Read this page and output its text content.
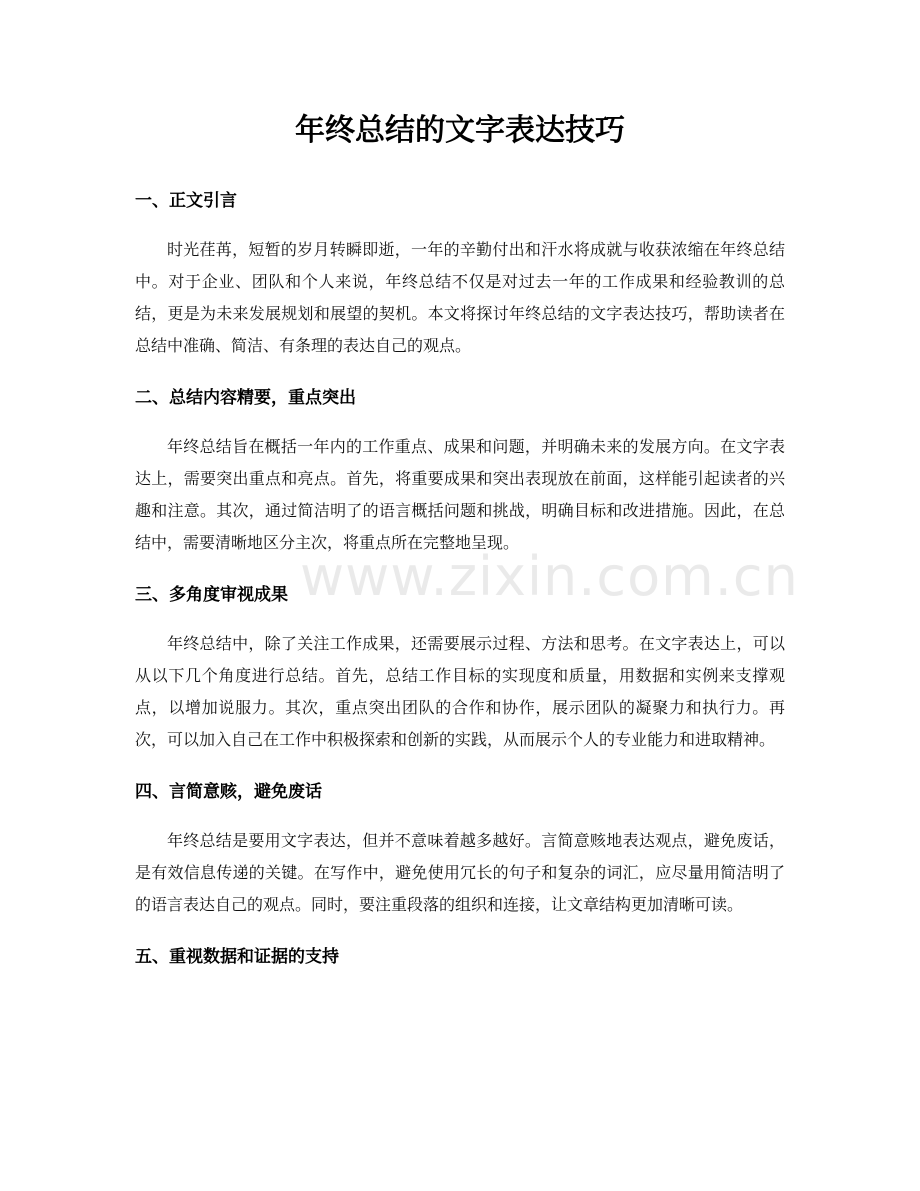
www.zixin.com.cn
年终总结的文字表达技巧
一、正文引言

时光荏苒，短暂的岁月转瞬即逝，一年的辛勤付出和汗水将成就与收获浓缩在年终总结中。对于企业、团队和个人来说，年终总结不仅是对过去一年的工作成果和经验教训的总结，更是为未来发展规划和展望的契机。本文将探讨年终总结的文字表达技巧，帮助读者在总结中准确、简洁、有条理的表达自己的观点。

二、总结内容精要，重点突出

年终总结旨在概括一年内的工作重点、成果和问题，并明确未来的发展方向。在文字表达上，需要突出重点和亮点。首先，将重要成果和突出表现放在前面，这样能引起读者的兴趣和注意。其次，通过简洁明了的语言概括问题和挑战，明确目标和改进措施。因此，在总结中，需要清晰地区分主次，将重点所在完整地呈现。

三、多角度审视成果

年终总结中，除了关注工作成果，还需要展示过程、方法和思考。在文字表达上，可以从以下几个角度进行总结。首先，总结工作目标的实现度和质量，用数据和实例来支撑观点，以增加说服力。其次，重点突出团队的合作和协作，展示团队的凝聚力和执行力。再次，可以加入自己在工作中积极探索和创新的实践，从而展示个人的专业能力和进取精神。

四、言简意赅，避免废话

年终总结是要用文字表达，但并不意味着越多越好。言简意赅地表达观点，避免废话，是有效信息传递的关键。在写作中，避免使用冗长的句子和复杂的词汇，应尽量用简洁明了的语言表达自己的观点。同时，要注重段落的组织和连接，让文章结构更加清晰可读。

五、重视数据和证据的支持
